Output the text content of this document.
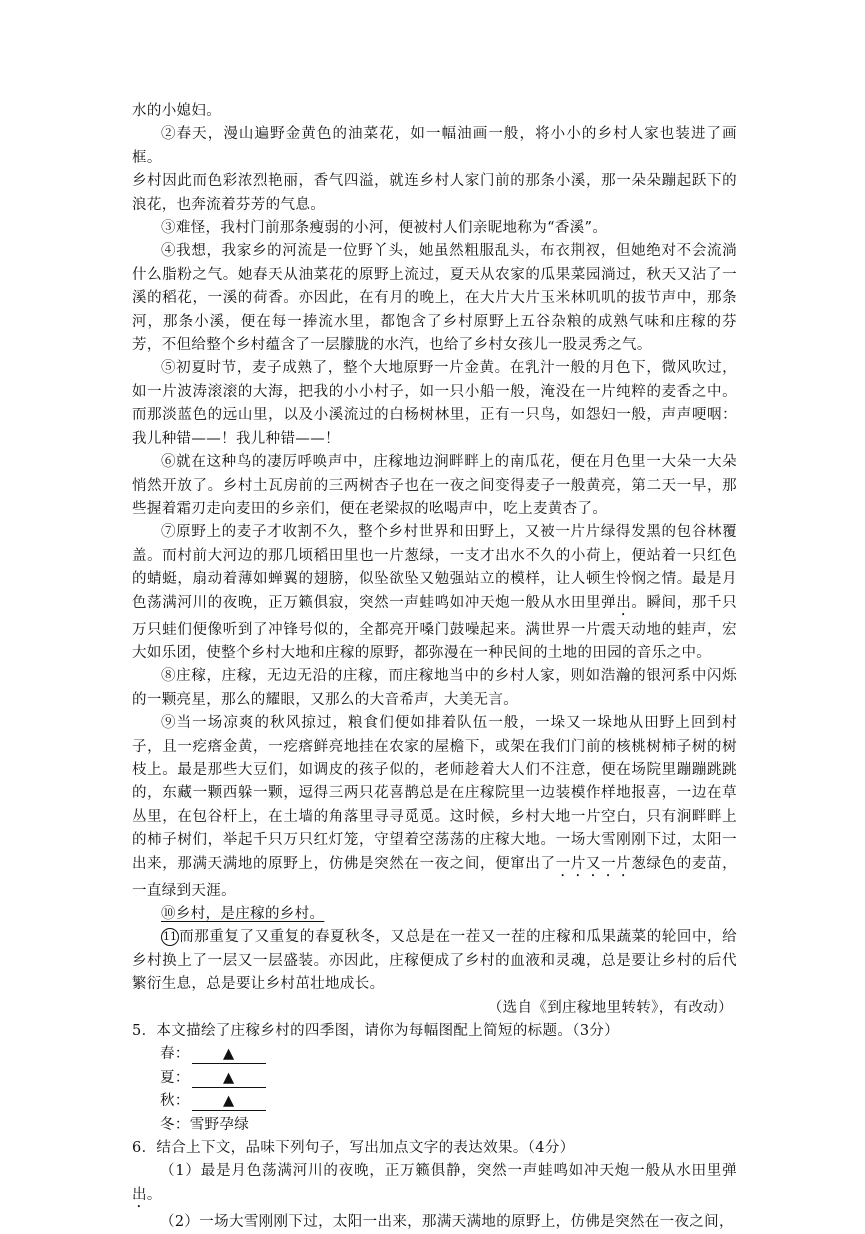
水的小媳妇。

②春天，漫山遍野金黄色的油菜花，如一幅油画一般，将小小的乡村人家也装进了画框。

乡村因此而色彩浓烈艳丽，香气四溢，就连乡村人家门前的那条小溪，那一朵朵蹦起跃下的浪花，也奔流着芬芳的气息。

③难怪，我村门前那条瘦弱的小河，便被村人们亲昵地称为“香溪”。

④我想，我家乡的河流是一位野丫头，她虽然粗服乱头，布衣荆衩，但她绝对不会流淌什么脂粉之气。她春天从油菜花的原野上流过，夏天从农家的瓜果菜园淌过，秋天又沾了一溪的稻花，一溪的荷香。亦因此，在有月的晚上，在大片大片玉米林叽叽的拔节声中，那条河，那条小溪，便在每一捧流水里，都饱含了乡村原野上五谷杂粮的成熟气味和庄稼的芬芳，不但给整个乡村蕴含了一层朦胧的水汽，也给了乡村女孩儿一股灵秀之气。

⑤初夏时节，麦子成熟了，整个大地原野一片金黄。在乳汁一般的月色下，微风吹过，如一片波涛滚滚的大海，把我的小小村子，如一只小船一般，淹没在一片纯粹的麦香之中。而那淡蓝色的远山里，以及小溪流过的白杨树林里，正有一只鸟，如怨妇一般，声声哽咽：我儿种错——！我儿种错——！

⑥就在这种鸟的凄厉呼唤声中，庄稼地边涧畔畔上的南瓜花，便在月色里一大朵一大朵悄然开放了。乡村土瓦房前的三两树杏子也在一夜之间变得麦子一般黄亮，第二天一早，那些握着霜刃走向麦田的乡亲们，便在老梁叔的吆喝声中，吃上麦黄杏了。

⑦原野上的麦子才收割不久，整个乡村世界和田野上，又被一片片绿得发黑的包谷林覆盖。而村前大河边的那几顷稻田里也一片葱绿，一支才出水不久的小荷上，便站着一只红色的蜻蜓，扇动着薄如蝉翼的翅膀，似坠欲坠又勉强站立的模样，让人顿生怜悯之情。最是月色荡满河川的夜晚，正万籁俱寂，突然一声蛙鸣如冲天炮一般从水田里弹出。瞬间，那千只万只蛙们便像听到了冲锋号似的，全都亮开嗓门鼓噪起来。满世界一片震天动地的蛙声，宏大如乐团，使整个乡村大地和庄稼的原野，都弥漫在一种民间的土地的田园的音乐之中。

⑧庄稼，庄稼，无边无沿的庄稼，而庄稼地当中的乡村人家，则如浩瀚的银河系中闪烁的一颗亮星，那么的耀眼，又那么的大音希声，大美无言。

⑨当一场凉爽的秋风掠过，粮食们便如排着队伍一般，一垛又一垛地从田野上回到村子，且一疙瘩金黄，一疙瘩鲜亮地挂在农家的屋檐下，或架在我们门前的核桃树柿子树的树枝上。最是那些大豆们，如调皮的孩子似的，老师趁着大人们不注意，便在场院里蹦蹦跳跳的，东藏一颗西躲一颗，逗得三两只花喜鹊总是在庄稼院里一边装模作样地报喜，一边在草丛里，在包谷杆上，在土墙的角落里寻寻觅觅。这时候，乡村大地一片空白，只有涧畔畔上的柿子树们，举起千只万只红灯笼，守望着空荡荡的庄稼大地。一场大雪刚刚下过，太阳一出来，那满天满地的原野上，仿佛是突然在一夜之间，便窜出了一片又一片葱绿色的麦苗，一直绿到天涯。

⑩乡村，是庄稼的乡村。

11 而那重复了又重复的春夏秋冬，又总是在一茬又一茬的庄稼和瓜果蔬菜的轮回中，给乡村换上了一层又一层盛装。亦因此，庄稼便成了乡村的血液和灵魂，总是要让乡村的后代繁衍生息，总是要让乡村茁壮地成长。

（选自《到庄稼地里转转》，有改动）

5．本文描绘了庄稼乡村的四季图，请你为每幅图配上简短的标题。（3分）

春： ▲

夏： ▲

秋： ▲

冬：雪野孕绿

6．结合上下文，品味下列句子，写出加点文字的表达效果。（4分）

（1）最是月色荡满河川的夜晚，正万籁俱静，突然一声蛙鸣如冲天炮一般从水田里弹出。

（2）一场大雪刚刚下过，太阳一出来，那满天满地的原野上，仿佛是突然在一夜之间，
